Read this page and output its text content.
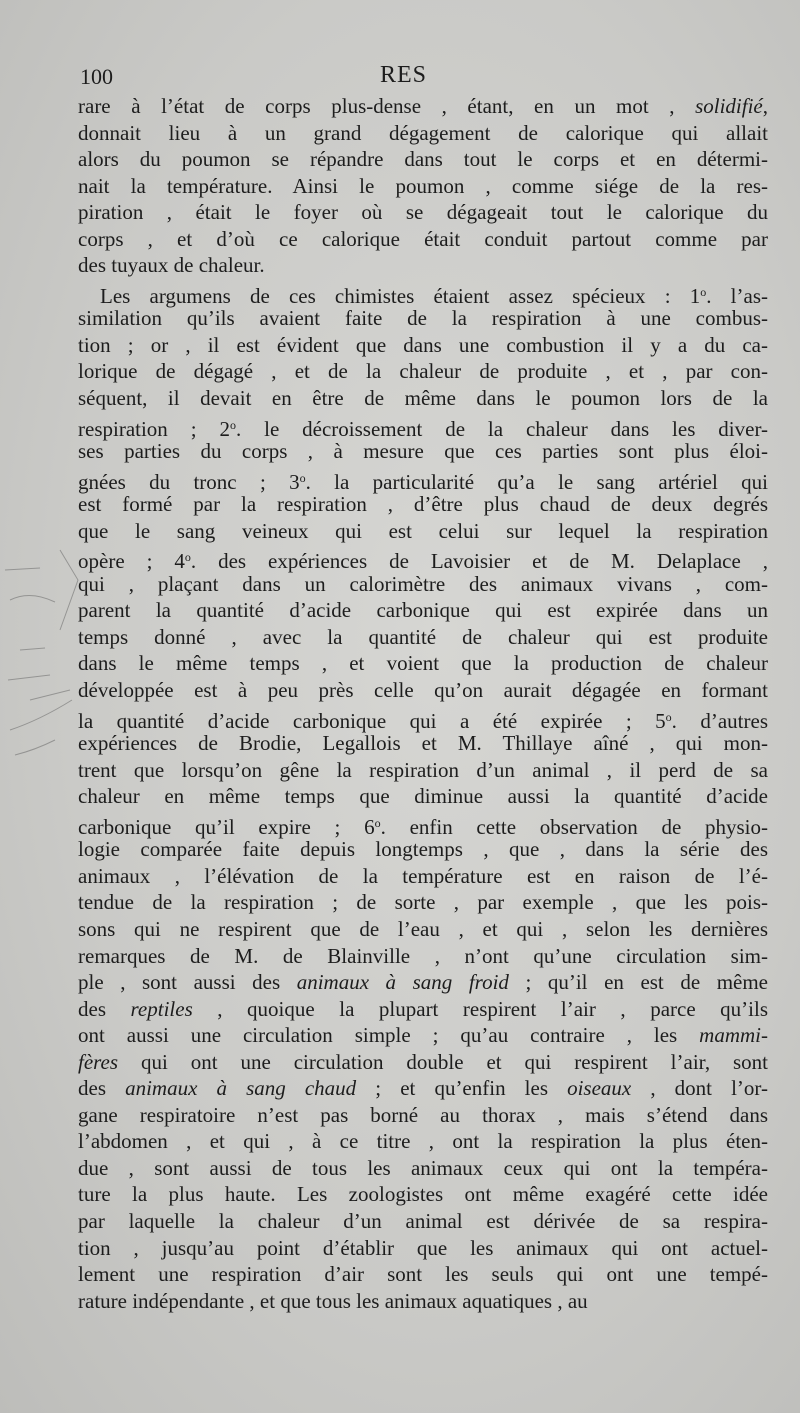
100	RES
rare à l’état de corps plus-dense , étant, en un mot , solidifié,
donnait lieu à un grand dégagement de calorique qui allait
alors du poumon se répandre dans tout le corps et en détermi-
nait la température. Ainsi le poumon , comme siége de la res-
piration , était le foyer où se dégageait tout le calorique du
corps , et d’où ce calorique était conduit partout comme par
des tuyaux de chaleur.
Les argumens de ces chimistes étaient assez spécieux : 1$^o$. l’as-
similation qu’ils avaient faite de la respiration à une combus-
tion ; or , il est évident que dans une combustion il y a du ca-
lorique de dégagé , et de la chaleur de produite , et , par con-
séquent, il devait en être de même dans le poumon lors de la
respiration ; 2$^o$. le décroissement de la chaleur dans les diver-
ses parties du corps , à mesure que ces parties sont plus éloi-
gnées du tronc ; 3$^o$. la particularité qu’a le sang artériel qui
est formé par la respiration , d’être plus chaud de deux degrés
que le sang veineux qui est celui sur lequel la respiration
opère ; 4$^o$. des expériences de Lavoisier et de M. Delaplace ,
qui , plaçant dans un calorimètre des animaux vivans , com-
parent la quantité d’acide carbonique qui est expirée dans un
temps donné , avec la quantité de chaleur qui est produite
dans le même temps , et voient que la production de chaleur
développée est à peu près celle qu’on aurait dégagée en formant
la quantité d’acide carbonique qui a été expirée ; 5$^o$. d’autres
expériences de Brodie, Legallois et M. Thillaye aîné , qui mon-
trent que lorsqu’on gêne la respiration d’un animal , il perd de sa
chaleur en même temps que diminue aussi la quantité d’acide
carbonique qu’il expire ; 6$^o$. enfin cette observation de physio-
logie comparée faite depuis longtemps , que , dans la série des
animaux , l’élévation de la température est en raison de l’é-
tendue de la respiration ; de sorte , par exemple , que les pois-
sons qui ne respirent que de l’eau , et qui , selon les dernières
remarques de M. de Blainville , n’ont qu’une circulation sim-
ple , sont aussi des animaux à sang froid ; qu’il en est de même
des reptiles , quoique la plupart respirent l’air , parce qu’ils
ont aussi une circulation simple ; qu’au contraire , les mammi-
fères qui ont une circulation double et qui respirent l’air, sont
des animaux à sang chaud ; et qu’enfin les oiseaux , dont l’or-
gane respiratoire n’est pas borné au thorax , mais s’étend dans
l’abdomen , et qui , à ce titre , ont la respiration la plus éten-
due , sont aussi de tous les animaux ceux qui ont la tempéra-
ture la plus haute. Les zoologistes ont même exagéré cette idée
par laquelle la chaleur d’un animal est dérivée de sa respira-
tion , jusqu’au point d’établir que les animaux qui ont actuel-
lement une respiration d’air sont les seuls qui ont une tempé-
rature indépendante , et que tous les animaux aquatiques , au
